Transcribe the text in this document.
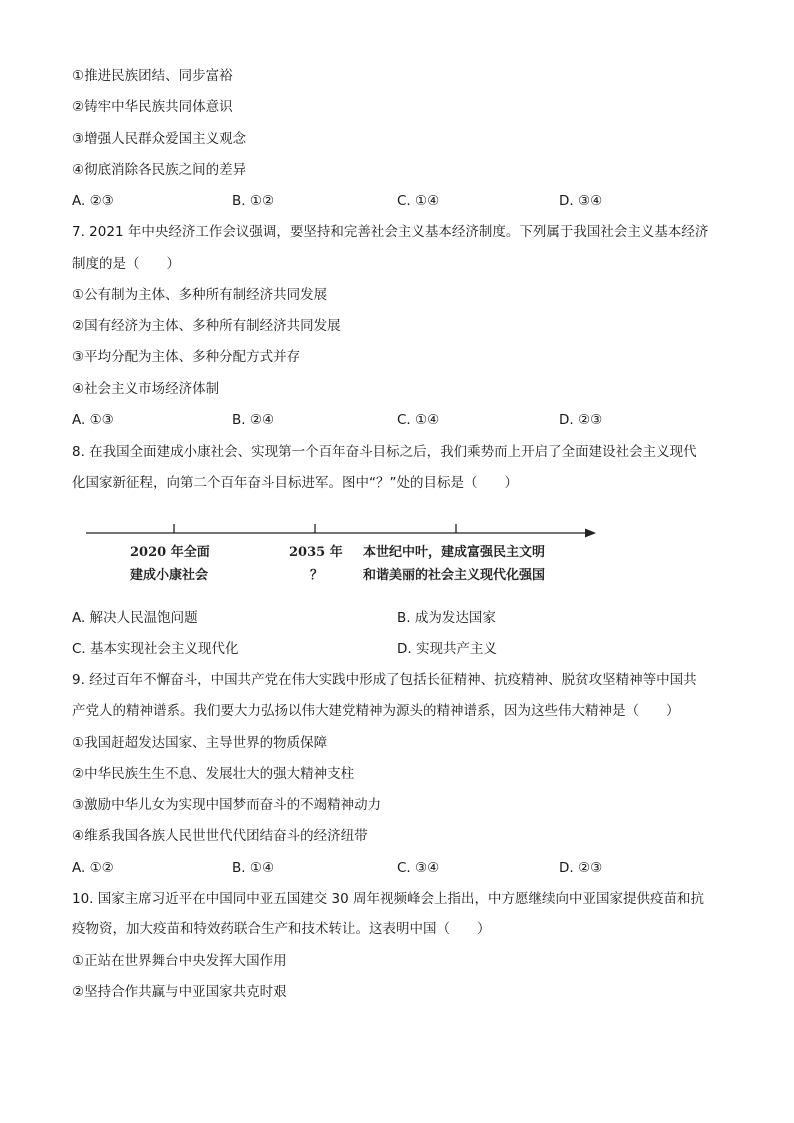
①推进民族团结、同步富裕
②铸牢中华民族共同体意识
③增强人民群众爱国主义观念
④彻底消除各民族之间的差异
A. ②③	B. ①②	C. ①④	D. ③④
7. 2021 年中央经济工作会议强调，要坚持和完善社会主义基本经济制度。下列属于我国社会主义基本经济
制度的是（　　）
①公有制为主体、多种所有制经济共同发展
②国有经济为主体、多种所有制经济共同发展
③平均分配为主体、多种分配方式并存
④社会主义市场经济体制
A. ①③	B. ②④	C. ①④	D. ②③
8. 在我国全面建成小康社会、实现第一个百年奋斗目标之后，我们乘势而上开启了全面建设社会主义现代
化国家新征程，向第二个百年奋斗目标进军。图中“？”处的目标是（　　）
2020 年全面
建成小康社会
2035 年
？
本世纪中叶，建成富强民主文明
和谐美丽的社会主义现代化强国
A. 解决人民温饱问题	B. 成为发达国家
C. 基本实现社会主义现代化	D. 实现共产主义
9. 经过百年不懈奋斗，中国共产党在伟大实践中形成了包括长征精神、抗疫精神、脱贫攻坚精神等中国共
产党人的精神谱系。我们要大力弘扬以伟大建党精神为源头的精神谱系，因为这些伟大精神是（　　）
①我国赶超发达国家、主导世界的物质保障
②中华民族生生不息、发展壮大的强大精神支柱
③激励中华儿女为实现中国梦而奋斗的不竭精神动力
④维系我国各族人民世世代代团结奋斗的经济纽带
A. ①②	B. ①④	C. ③④	D. ②③
10. 国家主席习近平在中国同中亚五国建交 30 周年视频峰会上指出，中方愿继续向中亚国家提供疫苗和抗
疫物资，加大疫苗和特效药联合生产和技术转让。这表明中国（　　）
①正站在世界舞台中央发挥大国作用
②坚持合作共赢与中亚国家共克时艰
